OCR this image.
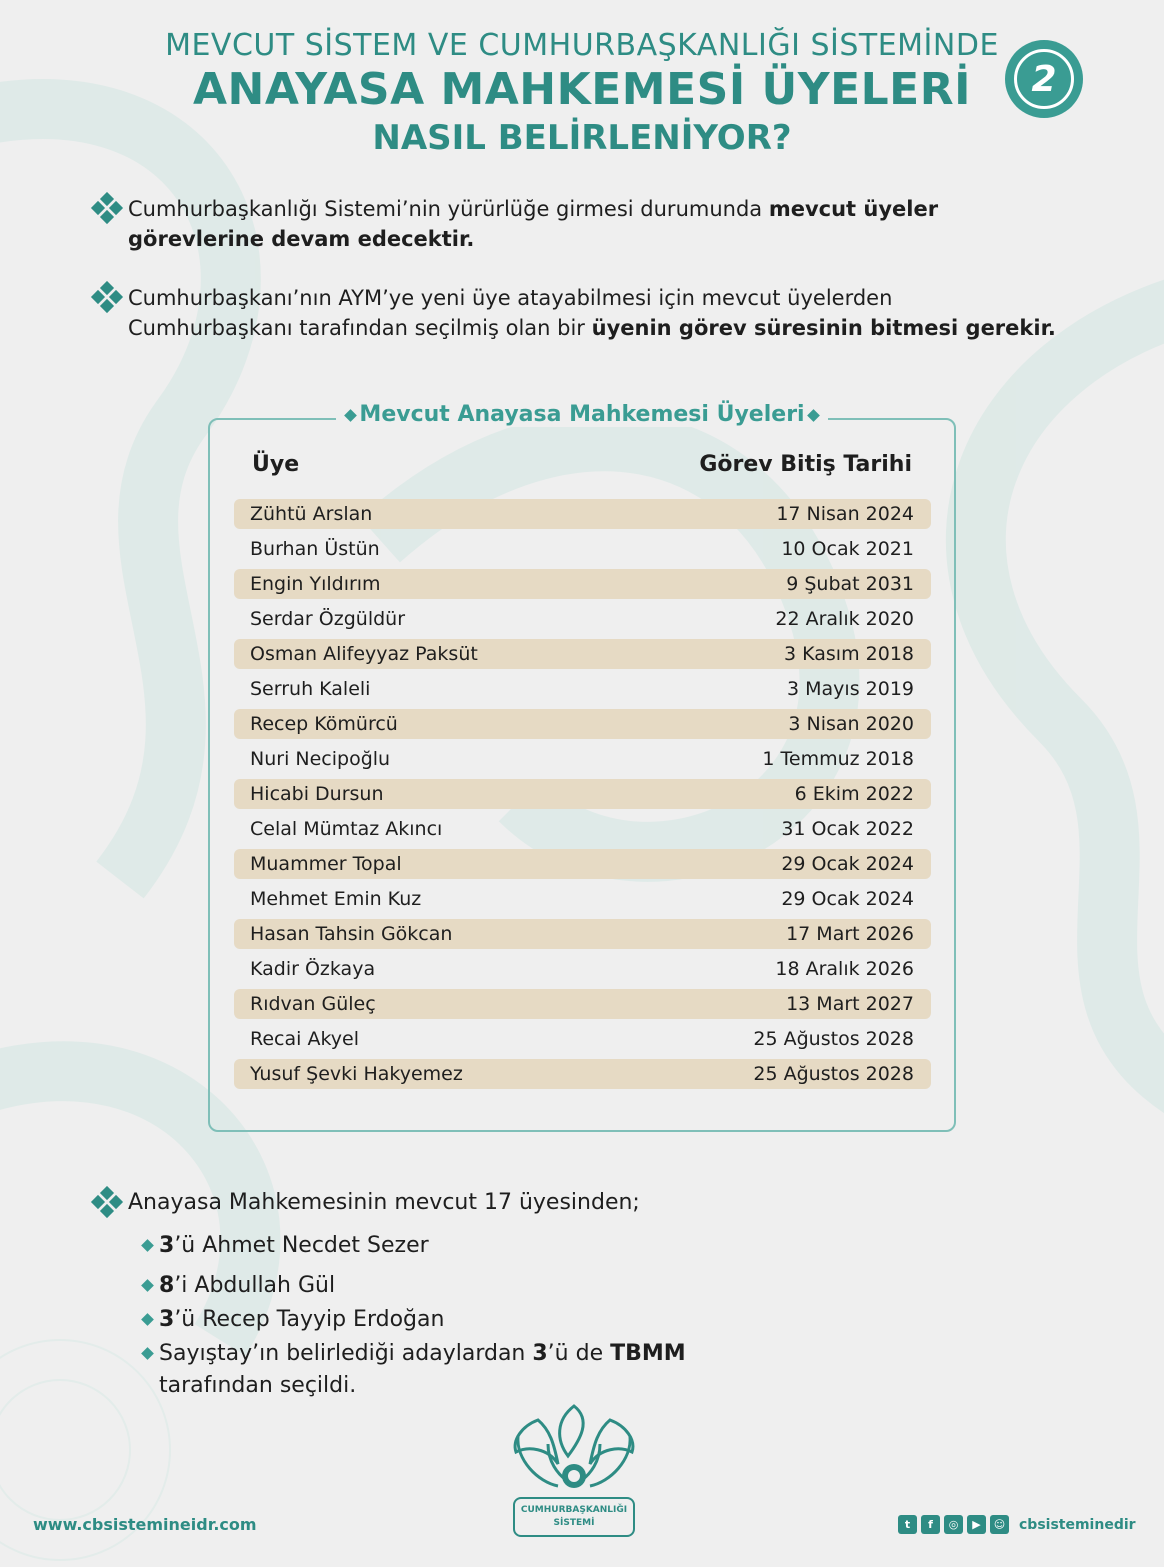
MEVCUT SİSTEM VE CUMHURBAŞKANLIĞI SİSTEMİNDE
ANAYASA MAHKEMESİ ÜYELERİ
NASIL BELİRLENİYOR?
2
Cumhurbaşkanlığı Sistemi’nin yürürlüğe girmesi durumunda mevcut üyeler
görevlerine devam edecektir.
Cumhurbaşkanı’nın AYM’ye yeni üye atayabilmesi için mevcut üyelerden
Cumhurbaşkanı tarafından seçilmiş olan bir üyenin görev süresinin bitmesi gerekir.
Mevcut Anayasa Mahkemesi Üyeleri
Üye	Görev Bitiş Tarihi
Zühtü Arslan	17 Nisan 2024
Burhan Üstün	10 Ocak 2021
Engin Yıldırım	9 Şubat 2031
Serdar Özgüldür	22 Aralık 2020
Osman Alifeyyaz Paksüt	3 Kasım 2018
Serruh Kaleli	3 Mayıs 2019
Recep Kömürcü	3 Nisan 2020
Nuri Necipoğlu	1 Temmuz 2018
Hicabi Dursun	6 Ekim 2022
Celal Mümtaz Akıncı	31 Ocak 2022
Muammer Topal	29 Ocak 2024
Mehmet Emin Kuz	29 Ocak 2024
Hasan Tahsin Gökcan	17 Mart 2026
Kadir Özkaya	18 Aralık 2026
Rıdvan Güleç	13 Mart 2027
Recai Akyel	25 Ağustos 2028
Yusuf Şevki Hakyemez	25 Ağustos 2028
Anayasa Mahkemesinin mevcut 17 üyesinden;
3’ü Ahmet Necdet Sezer
8’i Abdullah Gül
3’ü Recep Tayyip Erdoğan
Sayıştay’ın belirlediği adaylardan 3’ü de TBMM
tarafından seçildi.
CUMHURBAŞKANLIĞI
SİSTEMİ
www.cbsistemineidr.com	t	f	◎	▶	☺ cbsisteminedir
